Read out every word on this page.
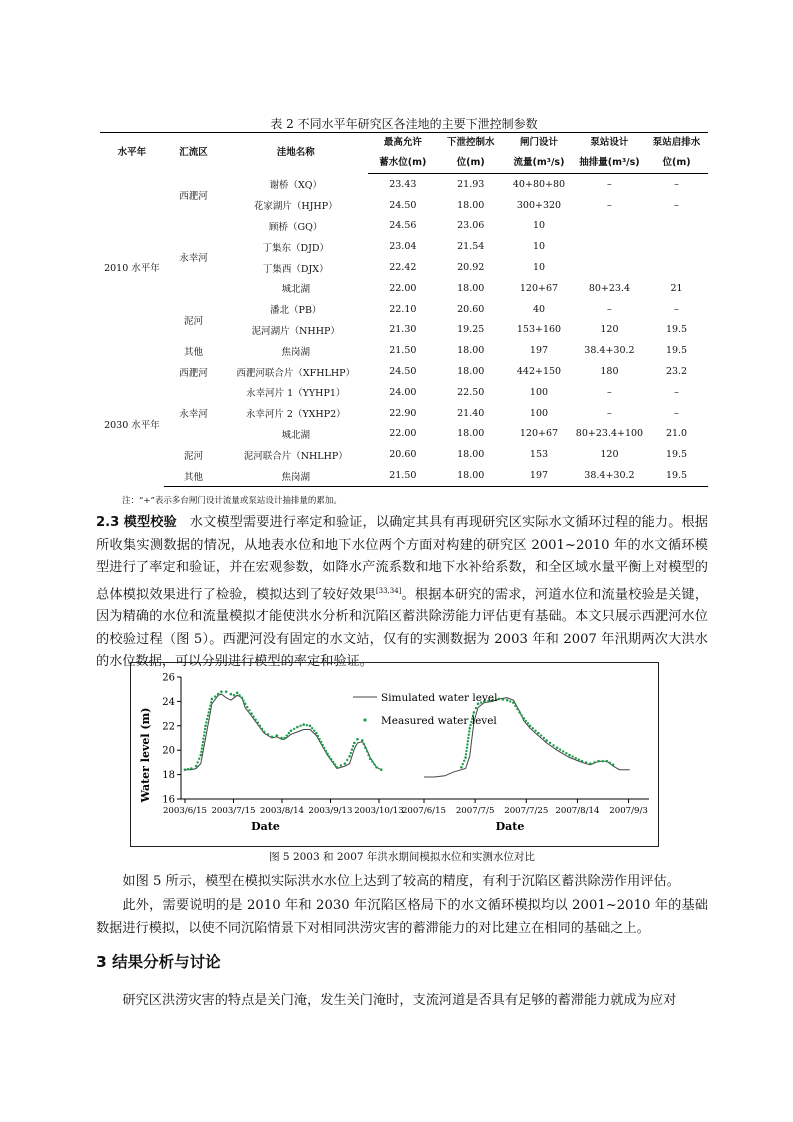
表 2 不同水平年研究区各洼地的主要下泄控制参数
水平年	汇流区	洼地名称	最高允许	下泄控制水	闸门设计	泵站设计	泵站启排水
			蓄水位(m)	位(m)	流量(m³/s)	抽排量(m³/s)	位(m)
2010 水平年	西淝河	谢桥（XQ）	23.43	21.93	40+80+80	–	–
		花家湖片（HJHP）	24.50	18.00	300+320	–	–
	永幸河	顾桥（GQ）	24.56	23.06	10		
		丁集东（DJD）	23.04	21.54	10		
		丁集西（DJX）	22.42	20.92	10		
		城北湖	22.00	18.00	120+67	80+23.4	21
	泥河	潘北（PB）	22.10	20.60	40	–	–
		泥河湖片（NHHP）	21.30	19.25	153+160	120	19.5
	其他	焦岗湖	21.50	18.00	197	38.4+30.2	19.5
2030 水平年	西淝河	西淝河联合片（XFHLHP）	24.50	18.00	442+150	180	23.2
	永幸河	永幸河片 1（YYHP1）	24.00	22.50	100	–	–
		永幸河片 2（YXHP2）	22.90	21.40	100	–	–
		城北湖	22.00	18.00	120+67	80+23.4+100	21.0
	泥河	泥河联合片（NHLHP）	20.60	18.00	153	120	19.5
	其他	焦岗湖	21.50	18.00	197	38.4+30.2	19.5
注：“+”表示多台闸门设计流量或泵站设计抽排量的累加。
2.3 模型校验 水文模型需要进行率定和验证，以确定其具有再现研究区实际水文循环过程的能力。根据所收集实测数据的情况，从地表水位和地下水位两个方面对构建的研究区 2001~2010 年的水文循环模型进行了率定和验证，并在宏观参数，如降水产流系数和地下水补给系数，和全区域水量平衡上对模型的总体模拟效果进行了检验，模拟达到了较好效果[33,34]。根据本研究的需求，河道水位和流量校验是关键，因为精确的水位和流量模拟才能使洪水分析和沉陷区蓄洪除涝能力评估更有基础。本文只展示西淝河水位的校验过程（图 5）。西淝河没有固定的水文站，仅有的实测数据为 2003 年和 2007 年汛期两次大洪水的水位数据，可以分别进行模型的率定和验证。
Water level (m) 16
18
20
22
24
26
2003/6/15 2003/7/15 2003/8/14 2003/9/13 2003/10/13
Date
2007/6/15 2007/7/5 2007/7/25 2007/8/14 2007/9/3
Date
Simulated water level
Measured water level
图 5 2003 和 2007 年洪水期间模拟水位和实测水位对比
如图 5 所示，模型在模拟实际洪水水位上达到了较高的精度，有利于沉陷区蓄洪除涝作用评估。
此外，需要说明的是 2010 年和 2030 年沉陷区格局下的水文循环模拟均以 2001~2010 年的基础数据进行模拟，以使不同沉陷情景下对相同洪涝灾害的蓄滞能力的对比建立在相同的基础之上。
3 结果分析与讨论
研究区洪涝灾害的特点是关门淹，发生关门淹时，支流河道是否具有足够的蓄滞能力就成为应对
